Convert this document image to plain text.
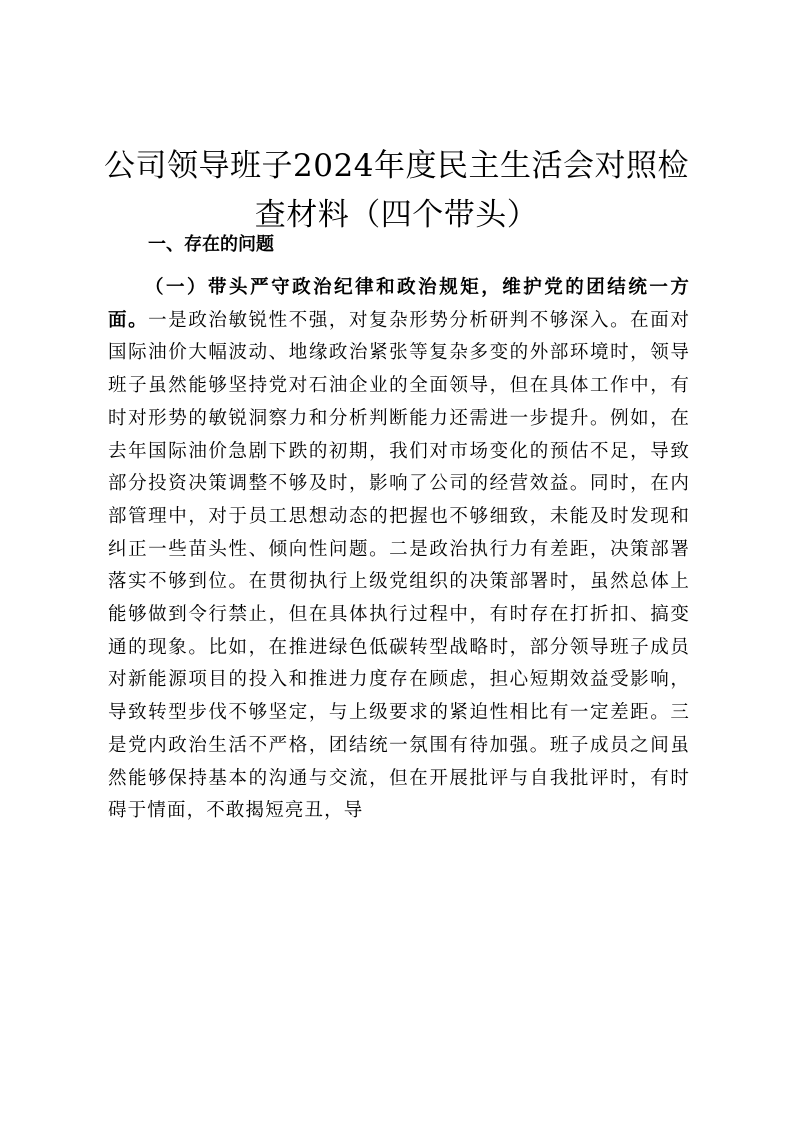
公司领导班子2024年度民主生活会对照检查材料（四个带头）
一、存在的问题

（一）带头严守政治纪律和政治规矩，维护党的团结统一方面。一是政治敏锐性不强，对复杂形势分析研判不够深入。在面对国际油价大幅波动、地缘政治紧张等复杂多变的外部环境时，领导班子虽然能够坚持党对石油企业的全面领导，但在具体工作中，有时对形势的敏锐洞察力和分析判断能力还需进一步提升。例如，在去年国际油价急剧下跌的初期，我们对市场变化的预估不足，导致部分投资决策调整不够及时，影响了公司的经营效益。同时，在内部管理中，对于员工思想动态的把握也不够细致，未能及时发现和纠正一些苗头性、倾向性问题。二是政治执行力有差距，决策部署落实不够到位。在贯彻执行上级党组织的决策部署时，虽然总体上能够做到令行禁止，但在具体执行过程中，有时存在打折扣、搞变通的现象。比如，在推进绿色低碳转型战略时，部分领导班子成员对新能源项目的投入和推进力度存在顾虑，担心短期效益受影响，导致转型步伐不够坚定，与上级要求的紧迫性相比有一定差距。三是党内政治生活不严格，团结统一氛围有待加强。班子成员之间虽然能够保持基本的沟通与交流，但在开展批评与自我批评时，有时碍于情面，不敢揭短亮丑，导
